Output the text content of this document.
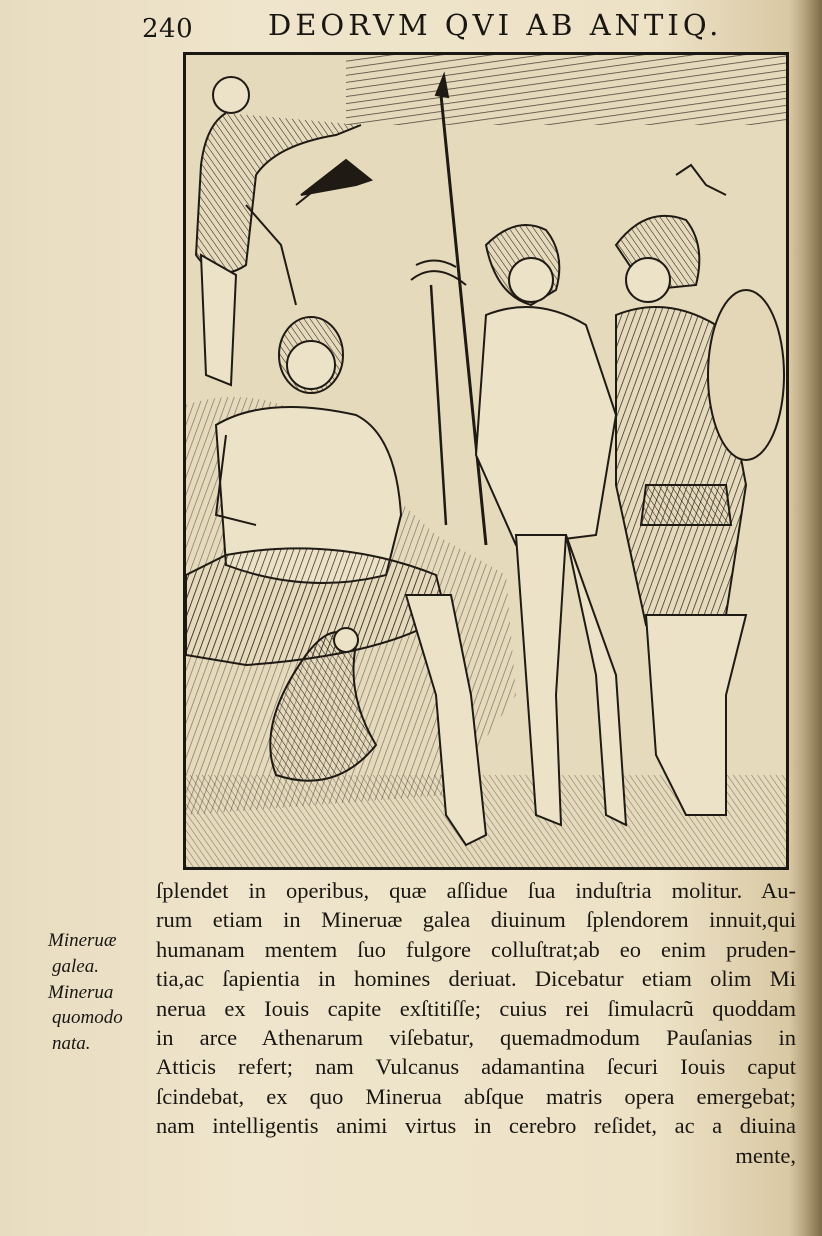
240	DEORVM QVI AB ANTIQ.
ſplendet in operibus, quæ aſſidue ſua induſtria molitur. Au-
rum etiam in Mineruæ galea diuinum ſplendorem innuit,qui
humanam mentem ſuo fulgore colluſtrat;ab eo enim pruden-
tia,ac ſapientia in homines deriuat. Dicebatur etiam olim Mi
nerua ex Iouis capite exſtitiſſe; cuius rei ſimulacrũ quoddam
in arce Athenarum viſebatur, quemadmodum Pauſanias in
Atticis refert; nam Vulcanus adamantina ſecuri Iouis caput
ſcindebat, ex quo Minerua abſque matris opera emergebat;
nam intelligentis animi virtus in cerebro reſidet, ac a diuina
mente,
Mineruæ
galea.
Minerua
quomodo
nata.
